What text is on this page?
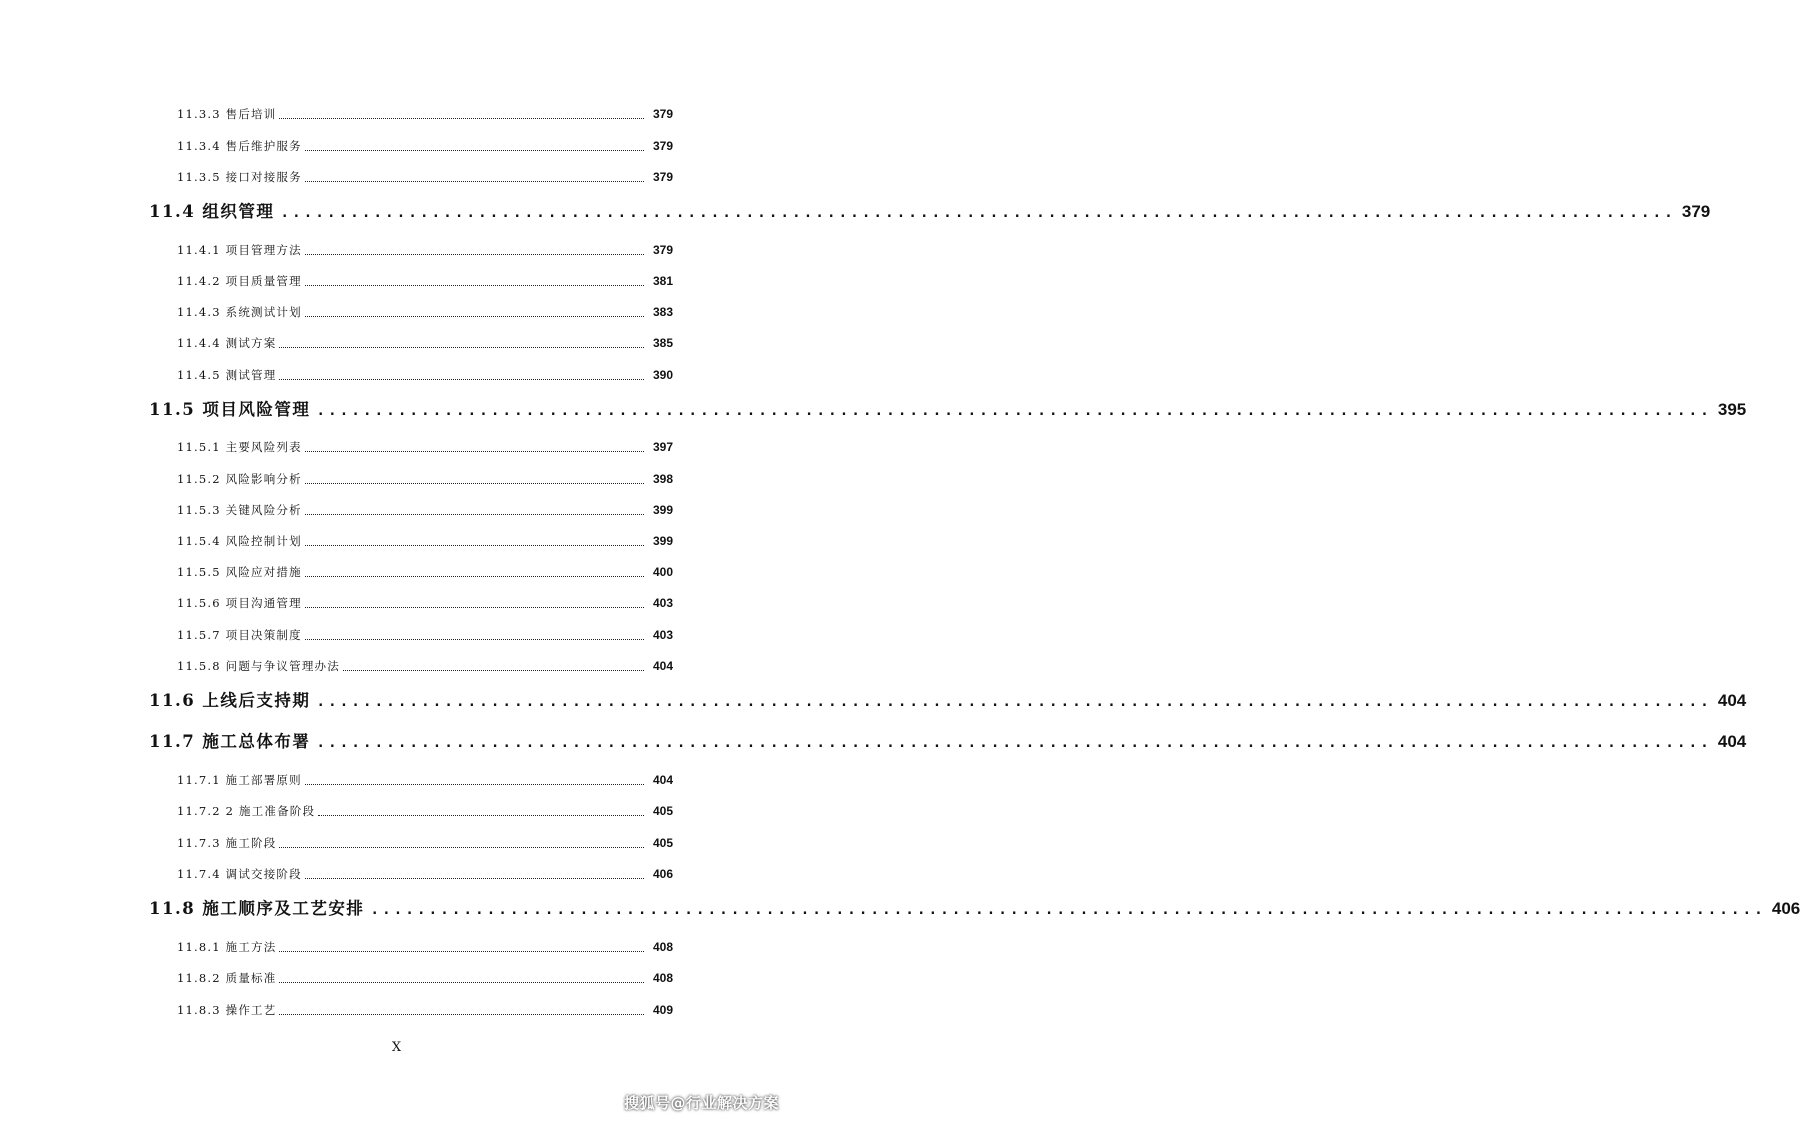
11.3.3 售后培训	379
11.3.4 售后维护服务	379
11.3.5 接口对接服务	379
11.4 组织管理 ........................................................................................................................ 379
11.4.1 项目管理方法	379
11.4.2 项目质量管理	381
11.4.3 系统测试计划	383
11.4.4 测试方案	385
11.4.5 测试管理	390
11.5 项目风险管理 ........................................................................................................................ 395
11.5.1 主要风险列表	397
11.5.2 风险影响分析	398
11.5.3 关键风险分析	399
11.5.4 风险控制计划	399
11.5.5 风险应对措施	400
11.5.6 项目沟通管理	403
11.5.7 项目决策制度	403
11.5.8 问题与争议管理办法	404
11.6 上线后支持期 ........................................................................................................................ 404
11.7 施工总体布署 ........................................................................................................................ 404
11.7.1 施工部署原则	404
11.7.2 2 施工准备阶段	405
11.7.3 施工阶段	405
11.7.4 调试交接阶段	406
11.8 施工顺序及工艺安排 ........................................................................................................................ 406
11.8.1 施工方法	408
11.8.2 质量标准	408
11.8.3 操作工艺	409
X
搜狐号@行业解决方案
